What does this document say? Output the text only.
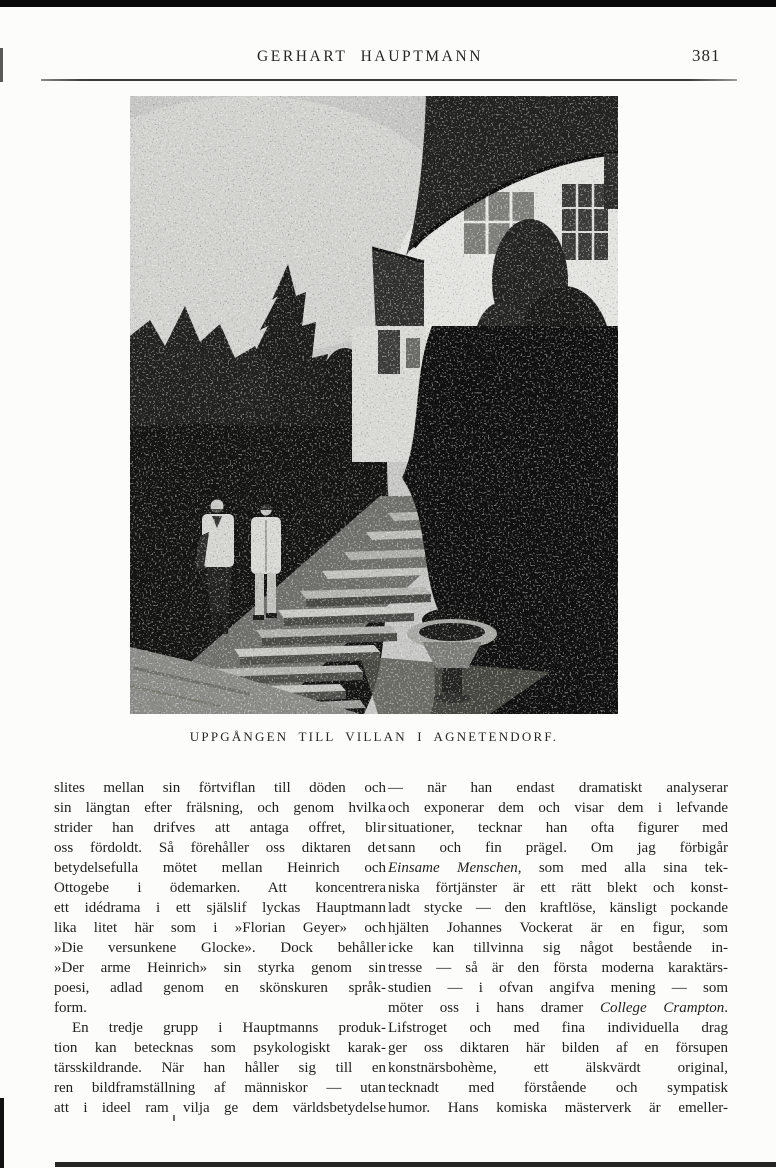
GERHART HAUPTMANN	381
UPPGÅNGEN TILL VILLAN I AGNETENDORF.
slites mellan sin förtviflan till döden och
sin längtan efter frälsning, och genom hvilka
strider han drifves att antaga offret, blir
oss fördoldt. Så förehåller oss diktaren det
betydelsefulla mötet mellan Heinrich och
Ottogebe i ödemarken. Att koncentrera
ett idédrama i ett själslif lyckas Hauptmann
lika litet här som i »Florian Geyer» och
»Die versunkene Glocke». Dock behåller
»Der arme Heinrich» sin styrka genom sin
poesi, adlad genom en skönskuren språk-
form.
En tredje grupp i Hauptmanns produk-
tion kan betecknas som psykologiskt karak-
tärsskildrande. När han håller sig till en
ren bildframställning af människor — utan
att i ideel ram vilja ge dem världsbetydelse
— när han endast dramatiskt analyserar
och exponerar dem och visar dem i lefvande
situationer, tecknar han ofta figurer med
sann och fin prägel. Om jag förbigår
Einsame Menschen, som med alla sina tek-
niska förtjänster är ett rätt blekt och konst-
ladt stycke — den kraftlöse, känsligt pockande
hjälten Johannes Vockerat är en figur, som
icke kan tillvinna sig något bestående in-
tresse — så är den första moderna karaktärs-
studien — i ofvan angifva mening — som
möter oss i hans dramer College Crampton.
Lifstroget och med fina individuella drag
ger oss diktaren här bilden af en försupen
konstnärsbohème, ett älskvärdt original,
tecknadt med förstående och sympatisk
humor. Hans komiska mästerverk är emeller-
